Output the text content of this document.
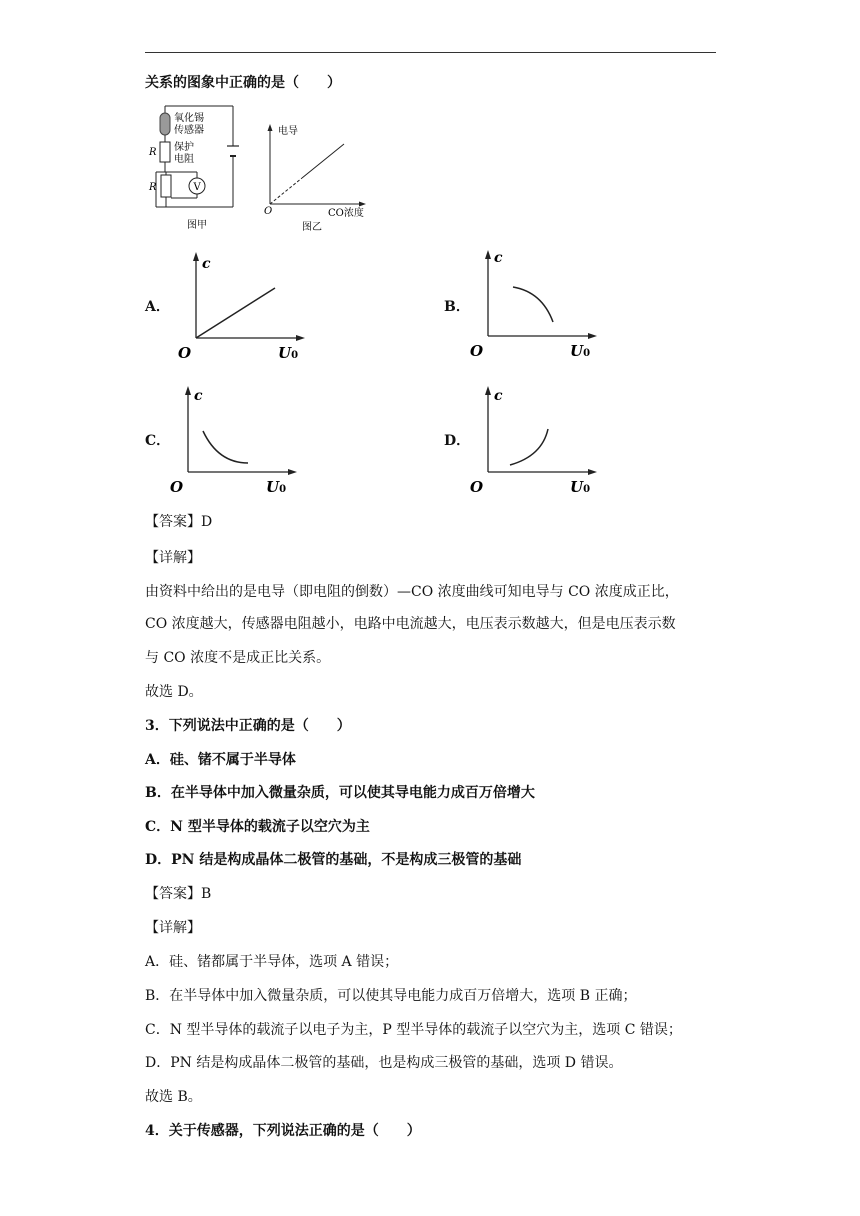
关系的图象中正确的是（　　）
V
氧化锡
传感器
R 保护
电阻
R
图甲
电导
CO浓度
O
图乙
A．
c
O	U0
B．
c
O	U0
C．
c
O	U0
D．
c
O	U0
【答案】D
【详解】
由资料中给出的是电导（即电阻的倒数）—CO 浓度曲线可知电导与 CO 浓度成正比，
CO 浓度越大，传感器电阻越小，电路中电流越大，电压表示数越大，但是电压表示数
与 CO 浓度不是成正比关系。
故选 D。
3．下列说法中正确的是（　　）
A．硅、锗不属于半导体
B．在半导体中加入微量杂质，可以使其导电能力成百万倍增大
C．N 型半导体的载流子以空穴为主
D．PN 结是构成晶体二极管的基础，不是构成三极管的基础
【答案】B
【详解】
A．硅、锗都属于半导体，选项 A 错误；
B．在半导体中加入微量杂质，可以使其导电能力成百万倍增大，选项 B 正确；
C．N 型半导体的载流子以电子为主，P 型半导体的载流子以空穴为主，选项 C 错误；
D．PN 结是构成晶体二极管的基础，也是构成三极管的基础，选项 D 错误。
故选 B。
4．关于传感器，下列说法正确的是（　　）
